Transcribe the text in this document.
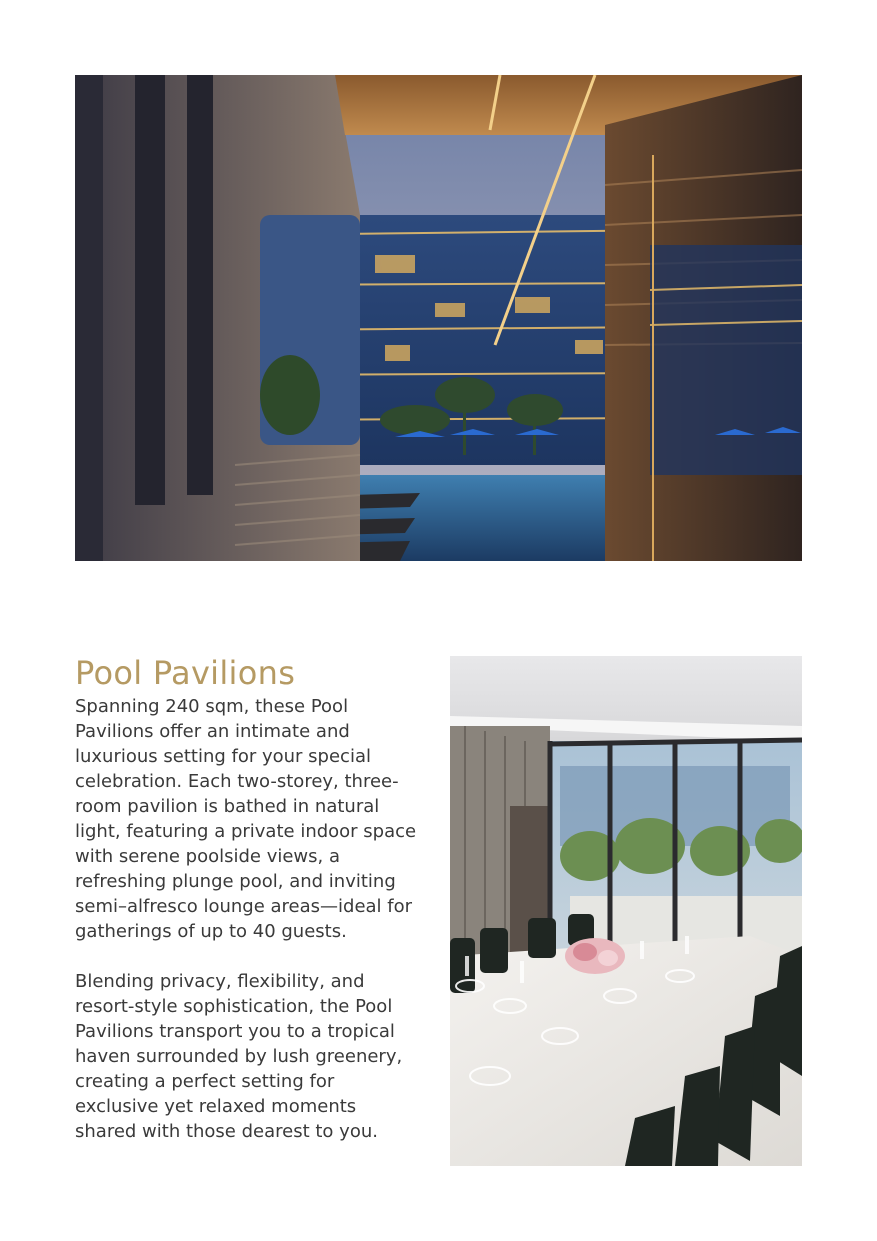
Pool Pavilions

Spanning 240 sqm, these Pool Pavilions offer an intimate and luxurious setting for your special celebration. Each two-storey, three-room pavilion is bathed in natural light, featuring a private indoor space with serene poolside views, a refreshing plunge pool, and inviting semi–alfresco lounge areas—ideal for gatherings of up to 40 guests.

Blending privacy, flexibility, and resort-style sophistication, the Pool Pavilions transport you to a tropical haven surrounded by lush greenery, creating a perfect setting for exclusive yet relaxed moments shared with those dearest to you.
